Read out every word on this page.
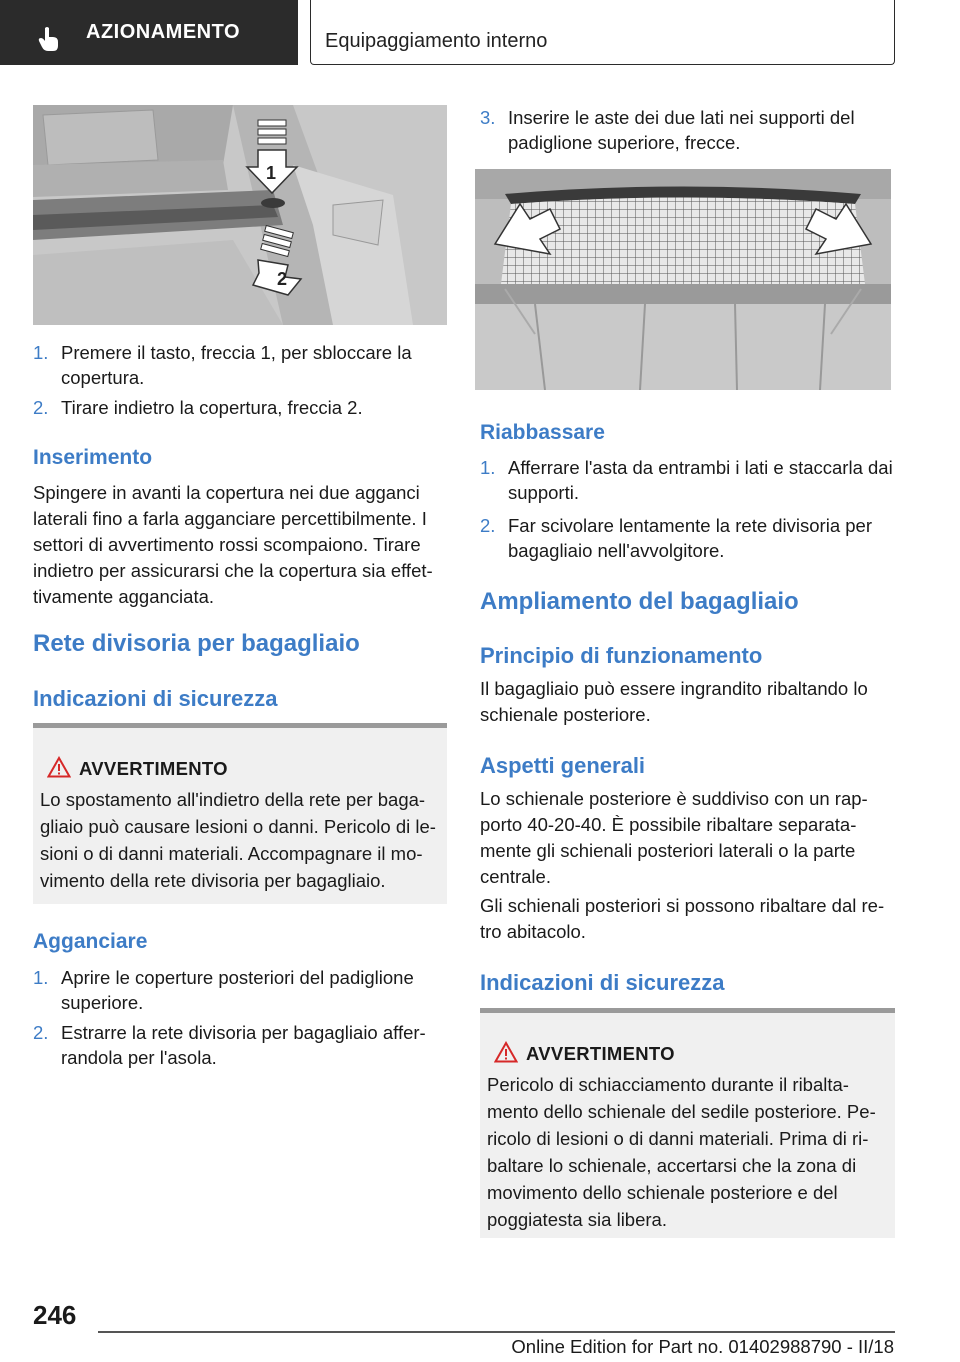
AZIONAMENTO	Equipaggiamento interno
1
2
1. Premere il tasto, freccia 1, per sbloccare la copertura.
2. Tirare indietro la copertura, freccia 2.
Inserimento
Spingere in avanti la copertura nei due agganci laterali fino a farla agganciare percettibilmente. I settori di avvertimento rossi scompaiono. Tirare indietro per assicurarsi che la copertura sia effet-tivamente agganciata.
Rete divisoria per bagagliaio
Indicazioni di sicurezza
AVVERTIMENTO
Lo spostamento all'indietro della rete per baga-gliaio può causare lesioni o danni. Pericolo di le-sioni o di danni materiali. Accompagnare il mo-vimento della rete divisoria per bagagliaio.
Agganciare
1. Aprire le coperture posteriori del padiglione superiore.
2. Estrarre la rete divisoria per bagagliaio affer-randola per l'asola.
3. Inserire le aste dei due lati nei supporti del padiglione superiore, frecce.
Riabbassare
1. Afferrare l'asta da entrambi i lati e staccarla dai supporti.
2. Far scivolare lentamente la rete divisoria per bagagliaio nell'avvolgitore.
Ampliamento del bagagliaio
Principio di funzionamento
Il bagagliaio può essere ingrandito ribaltando lo schienale posteriore.
Aspetti generali
Lo schienale posteriore è suddiviso con un rap-porto 40-20-40. È possibile ribaltare separata-mente gli schienali posteriori laterali o la parte centrale.
Gli schienali posteriori si possono ribaltare dal re-tro abitacolo.
Indicazioni di sicurezza
AVVERTIMENTO
Pericolo di schiacciamento durante il ribalta-mento dello schienale del sedile posteriore. Pe-ricolo di lesioni o di danni materiali. Prima di ri-baltare lo schienale, accertarsi che la zona di movimento dello schienale posteriore e del poggiatesta sia libera.
246
Online Edition for Part no. 01402988790 - II/18
